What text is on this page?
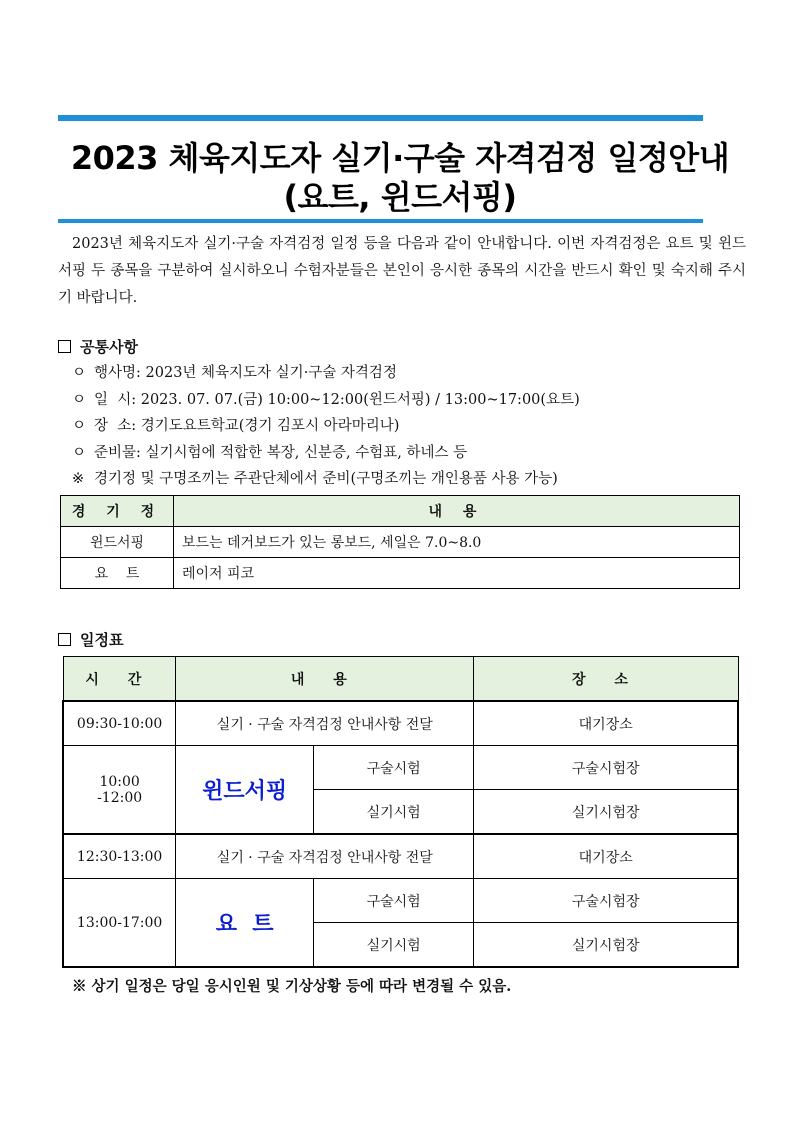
2023 체육지도자 실기·구술 자격검정 일정안내
(요트, 윈드서핑)
2023년 체육지도자 실기·구술 자격검정 일정 등을 다음과 같이 안내합니다. 이번 자격검정은 요트 및 윈드서핑 두 종목을 구분하여 실시하오니 수험자분들은 본인이 응시한 종목의 시간을 반드시 확인 및 숙지해 주시기 바랍니다.
공통사항
ㅇ 행사명: 2023년 체육지도자 실기·구술 자격검정
ㅇ 일  시: 2023. 07. 07.(금) 10:00~12:00(윈드서핑) / 13:00~17:00(요트)
ㅇ 장  소: 경기도요트학교(경기 김포시 아라마리나)
ㅇ 준비물: 실기시험에 적합한 복장, 신분증, 수험표, 하네스 등
※ 경기정 및 구명조끼는 주관단체에서 준비(구명조끼는 개인용품 사용 가능)
경 기 정	내 용
윈드서핑	보드는 데거보드가 있는 롱보드, 세일은 7.0~8.0
요    트	레이저 피코
일정표
시 간	내 용		장 소
09:30-10:00	실기 · 구술 자격검정 안내사항 전달		대기장소

10:00
-12:00	윈드서핑	구술시험	구술시험장
		실기시험	실기시험장
12:30-13:00	실기 · 구술 자격검정 안내사항 전달		대기장소
13:00-17:00	요  트	구술시험	구술시험장
		실기시험	실기시험장
※ 상기 일정은 당일 응시인원 및 기상상황 등에 따라 변경될 수 있음.
